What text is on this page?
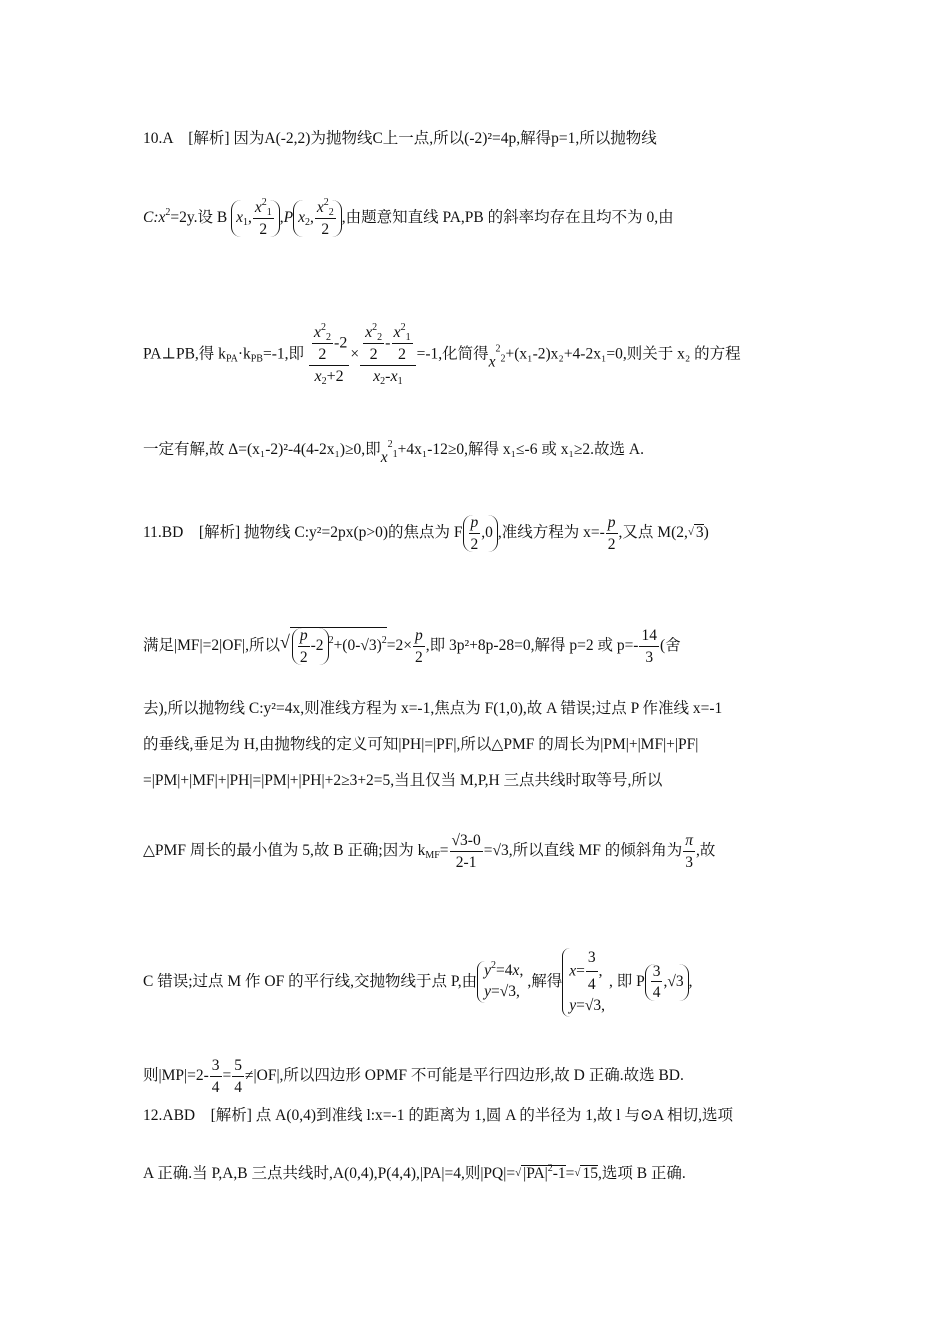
10.A　[解析] 因为A(-2,2)为抛物线C上一点,所以(-2)²=4p,解得p=1,所以抛物线
$C:x^2=2y$.设 B $x_1$, $\frac{x^2_1}{2} ,P$ $x_2$, $\frac{x^2_2}{2}$ ,由题意知直线 PA,PB 的斜率均存在且均不为 0,由
PA⊥PB,得 $k_{PA}\cdot k_{PB}=-1$,即 $\frac{\frac{x^2_2}{2} -2}{x_2+2} \times \frac{\frac{x^2_2}{2} - \frac{x^2_1}{2}}{x_2-x_1} =-1$,化简得$x^2_2+(x_1-2)x_2+4-2x_1=0$,则关于 x₂ 的方程
一定有解,故 Δ=(x₁-2)²-4(4-2x₁)≥0,即$x^2_1+4x_1-12\ge 0$,解得 x₁≤-6 或 x₁≥2.故选 A.
11.BD　[解析] 抛物线 C:y²=2px(p>0)的焦点为 F $\frac{p}{2} ,0$ ,准线方程为 $x=- \frac{p}{2}$ ,又点 M(2,√ 3)
满足|MF|=2|OF|,所以√ $\frac{p}{2} -2$ $^2+(0-√3)^2=2\times \frac{p}{2}$ ,即 3p²+8p-28=0,解得 p=2 或 $p=- \frac{14}{3}$ (舍
去),所以抛物线 C:y²=4x,则准线方程为 x=-1,焦点为 F(1,0),故 A 错误;过点 P 作准线 x=-1
的垂线,垂足为 H,由抛物线的定义可知|PH|=|PF|,所以△PMF 的周长为|PM|+|MF|+|PF|
=|PM|+|MF|+|PH|=|PM|+|PH|+2≥3+2=5,当且仅当 M,P,H 三点共线时取等号,所以
△PMF 周长的最小值为 5,故 B 正确;因为 $k_{MF}= \frac{√3-0}{2-1} =√3$,所以直线 MF 的倾斜角为 $\frac{\pi}{3}$ ,故
C 错误;过点 M 作 OF 的平行线,交抛物线于点 P,由$y^2=4x$,
y=√3,,解得$x= \frac{3}{4}$ ,
y=√3,, 即 P $\frac{3}{4} ,√3$ ,
则$|MP|=2- \frac{3}{4} = \frac{5}{4} \ne|OF|$,所以四边形 OPMF 不可能是平行四边形,故 D 正确.故选 BD.
12.ABD　[解析] 点 A(0,4)到准线 l:x=-1 的距离为 1,圆 A 的半径为 1,故 l 与⊙A 相切,选项
A 正确.当 P,A,B 三点共线时,A(0,4),P(4,4),|PA|=4,则|PQ|=√ $|PA|^2-1=√$ 15,选项 B 正确.
